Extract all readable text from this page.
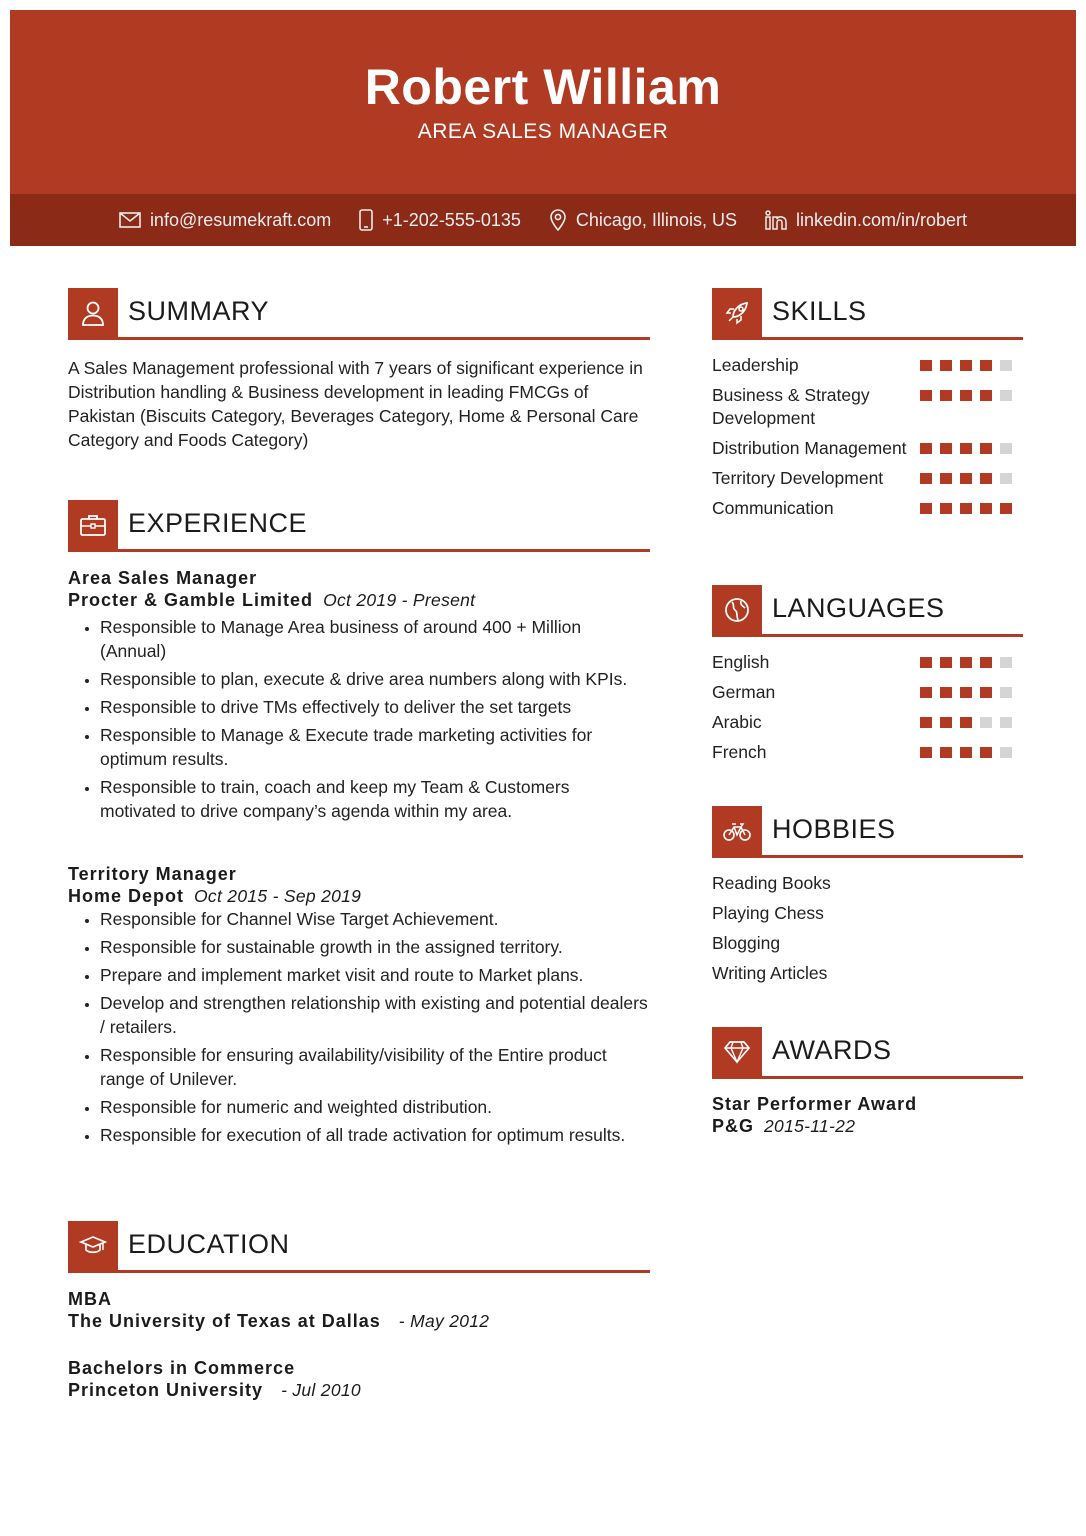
Robert William
AREA SALES MANAGER
info@resumekraft.com	+1-202-555-0135	Chicago, Illinois, US	linkedin.com/in/robert
SUMMARY

A Sales Management professional with 7 years of significant experience in Distribution handling & Business development in leading FMCGs of Pakistan (Biscuits Category, Beverages Category, Home & Personal Care Category and Foods Category)

EXPERIENCE
Area Sales Manager
Procter & Gamble Limited Oct 2019 - Present
• Responsible to Manage Area business of around 400 + Million (Annual)
• Responsible to plan, execute & drive area numbers along with KPIs.
• Responsible to drive TMs effectively to deliver the set targets
• Responsible to Manage & Execute trade marketing activities for optimum results.
• Responsible to train, coach and keep my Team & Customers motivated to drive company’s agenda within my area.
Territory Manager
Home Depot Oct 2015 - Sep 2019
• Responsible for Channel Wise Target Achievement.
• Responsible for sustainable growth in the assigned territory.
• Prepare and implement market visit and route to Market plans.
• Develop and strengthen relationship with existing and potential dealers / retailers.
• Responsible for ensuring availability/visibility of the Entire product range of Unilever.
• Responsible for numeric and weighted distribution.
• Responsible for execution of all trade activation for optimum results.
EDUCATION
MBA
The University of Texas at Dallas - May 2012
Bachelors in Commerce
Princeton University - Jul 2010
SKILLS
Leadership
Business & Strategy Development
Distribution Management
Territory Development
Communication
LANGUAGES
English
German
Arabic
French
HOBBIES
Reading Books
Playing Chess
Blogging
Writing Articles
AWARDS
Star Performer Award
P&G 2015-11-22
